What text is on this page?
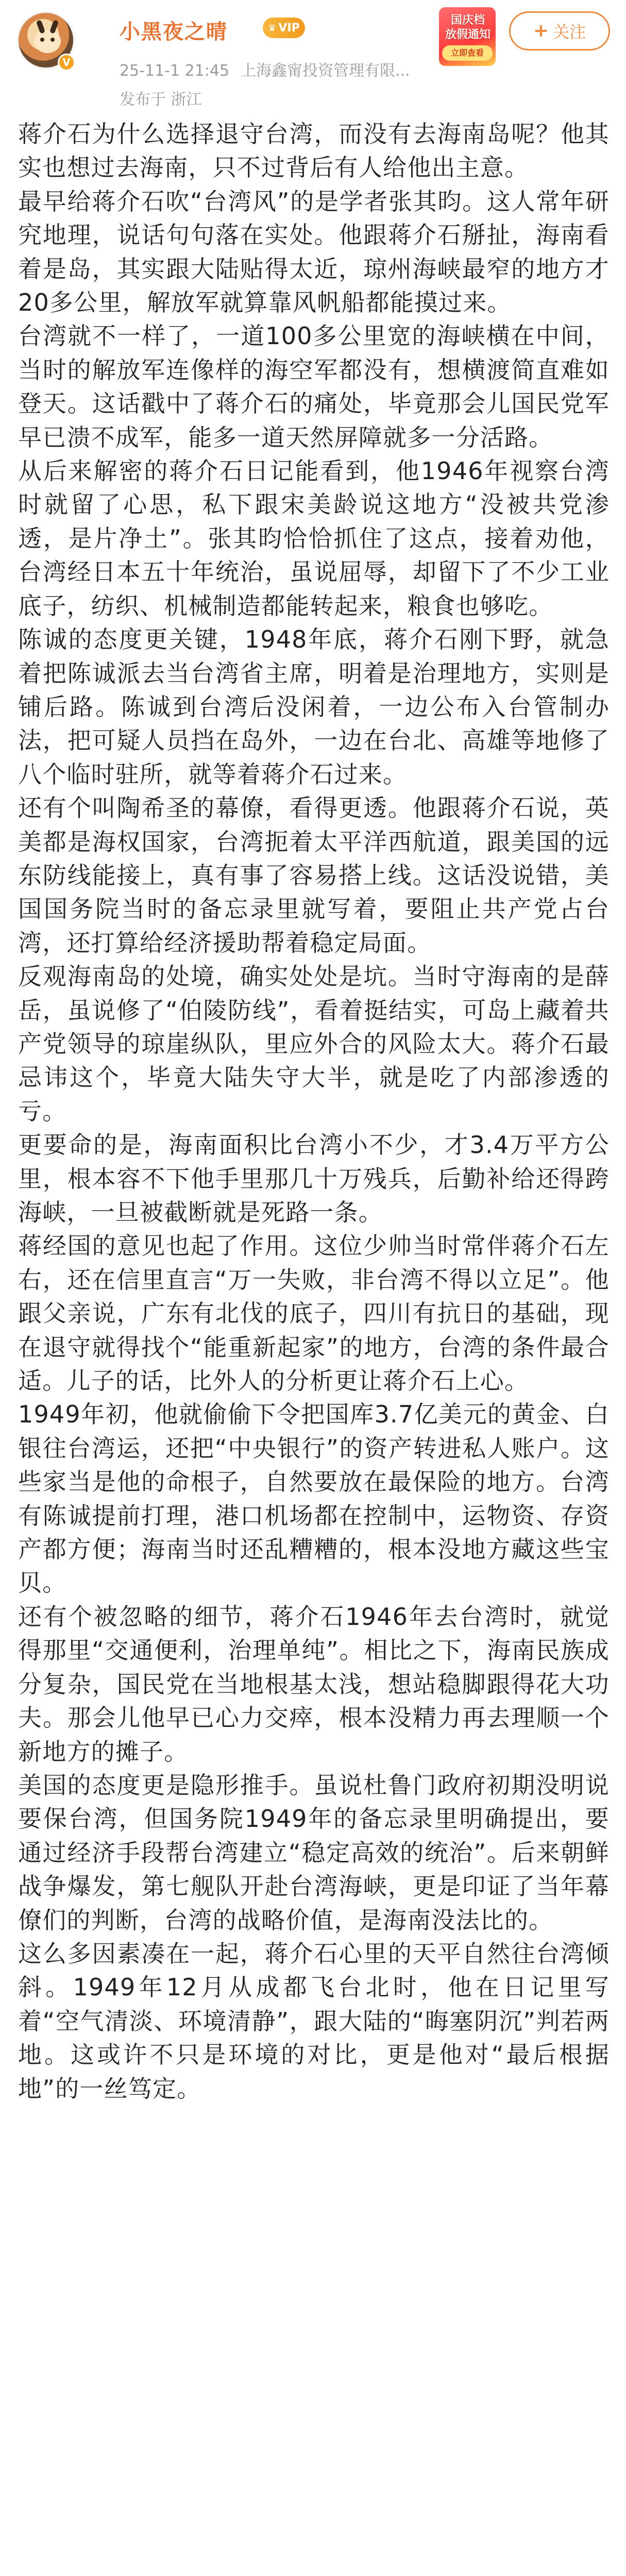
V
小黑夜之晴	♛ VIP
25-11-1 21:45 上海鑫甯投资管理有限...
发布于 浙江
国庆档
放假通知
立即查看
+ 关注

蒋介石为什么选择退守台湾，而没有去海南岛呢？他其实也想过去海南，只不过背后有人给他出主意。

最早给蒋介石吹“台湾风”的是学者张其昀。这人常年研究地理，说话句句落在实处。他跟蒋介石掰扯，海南看着是岛，其实跟大陆贴得太近，琼州海峡最窄的地方才20多公里，解放军就算靠风帆船都能摸过来。

台湾就不一样了，一道100多公里宽的海峡横在中间，当时的解放军连像样的海空军都没有，想横渡简直难如登天。这话戳中了蒋介石的痛处，毕竟那会儿国民党军早已溃不成军，能多一道天然屏障就多一分活路。

从后来解密的蒋介石日记能看到，他1946年视察台湾时就留了心思，私下跟宋美龄说这地方“没被共党渗透，是片净土”。张其昀恰恰抓住了这点，接着劝他，台湾经日本五十年统治，虽说屈辱，却留下了不少工业底子，纺织、机械制造都能转起来，粮食也够吃。

陈诚的态度更关键，1948年底，蒋介石刚下野，就急着把陈诚派去当台湾省主席，明着是治理地方，实则是铺后路。陈诚到台湾后没闲着，一边公布入台管制办法，把可疑人员挡在岛外，一边在台北、高雄等地修了八个临时驻所，就等着蒋介石过来。

还有个叫陶希圣的幕僚，看得更透。他跟蒋介石说，英美都是海权国家，台湾扼着太平洋西航道，跟美国的远东防线能接上，真有事了容易搭上线。这话没说错，美国国务院当时的备忘录里就写着，要阻止共产党占台湾，还打算给经济援助帮着稳定局面。

反观海南岛的处境，确实处处是坑。当时守海南的是薛岳，虽说修了“伯陵防线”，看着挺结实，可岛上藏着共产党领导的琼崖纵队，里应外合的风险太大。蒋介石最忌讳这个，毕竟大陆失守大半，就是吃了内部渗透的亏。

更要命的是，海南面积比台湾小不少，才3.4万平方公里，根本容不下他手里那几十万残兵，后勤补给还得跨海峡，一旦被截断就是死路一条。

蒋经国的意见也起了作用。这位少帅当时常伴蒋介石左右，还在信里直言“万一失败，非台湾不得以立足”。他跟父亲说，广东有北伐的底子，四川有抗日的基础，现在退守就得找个“能重新起家”的地方，台湾的条件最合适。儿子的话，比外人的分析更让蒋介石上心。

1949年初，他就偷偷下令把国库3.7亿美元的黄金、白银往台湾运，还把“中央银行”的资产转进私人账户。这些家当是他的命根子，自然要放在最保险的地方。台湾有陈诚提前打理，港口机场都在控制中，运物资、存资产都方便；海南当时还乱糟糟的，根本没地方藏这些宝贝。

还有个被忽略的细节，蒋介石1946年去台湾时，就觉得那里“交通便利，治理单纯”。相比之下，海南民族成分复杂，国民党在当地根基太浅，想站稳脚跟得花大功夫。那会儿他早已心力交瘁，根本没精力再去理顺一个新地方的摊子。

美国的态度更是隐形推手。虽说杜鲁门政府初期没明说要保台湾，但国务院1949年的备忘录里明确提出，要通过经济手段帮台湾建立“稳定高效的统治”。后来朝鲜战争爆发，第七舰队开赴台湾海峡，更是印证了当年幕僚们的判断，台湾的战略价值，是海南没法比的。

这么多因素凑在一起，蒋介石心里的天平自然往台湾倾斜。1949年12月从成都飞台北时，他在日记里写着“空气清淡、环境清静”，跟大陆的“晦塞阴沉”判若两地。这或许不只是环境的对比，更是他对“最后根据地”的一丝笃定。
